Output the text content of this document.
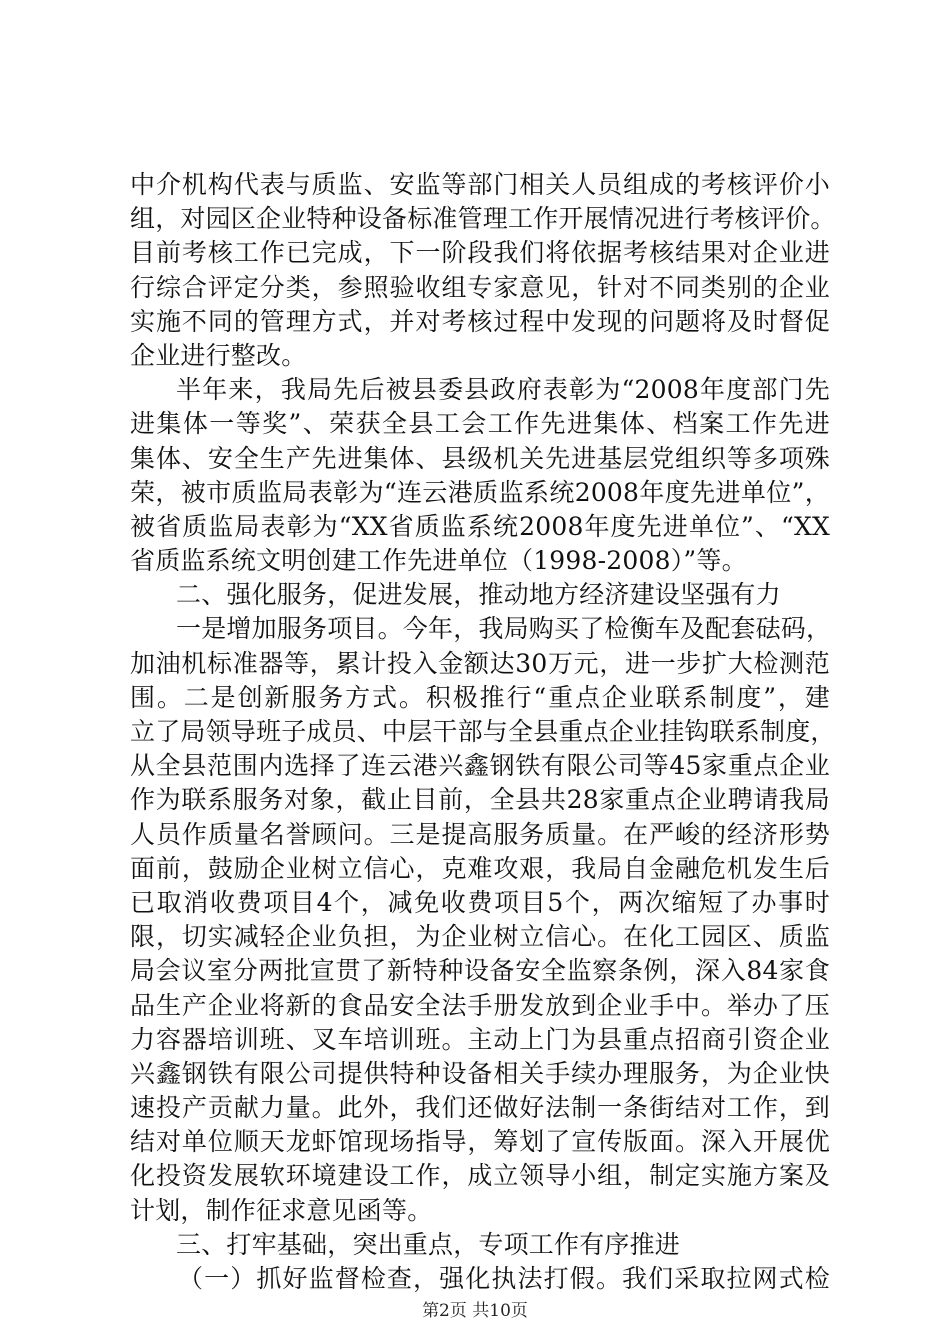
中介机构代表与质监、安监等部门相关人员组成的考核评价小
组，对园区企业特种设备标准管理工作开展情况进行考核评价。
目前考核工作已完成，下一阶段我们将依据考核结果对企业进
行综合评定分类，参照验收组专家意见，针对不同类别的企业
实施不同的管理方式，并对考核过程中发现的问题将及时督促
企业进行整改。
半年来，我局先后被县委县政府表彰为“2008年度部门先
进集体一等奖”、荣获全县工会工作先进集体、档案工作先进
集体、安全生产先进集体、县级机关先进基层党组织等多项殊
荣，被市质监局表彰为“连云港质监系统2008年度先进单位”，
被省质监局表彰为“XX省质监系统2008年度先进单位”、“XX
省质监系统文明创建工作先进单位（1998-2008）”等。
二、强化服务，促进发展，推动地方经济建设坚强有力
一是增加服务项目。今年，我局购买了检衡车及配套砝码，
加油机标准器等，累计投入金额达30万元，进一步扩大检测范
围。二是创新服务方式。积极推行“重点企业联系制度”，建
立了局领导班子成员、中层干部与全县重点企业挂钩联系制度，
从全县范围内选择了连云港兴鑫钢铁有限公司等45家重点企业
作为联系服务对象，截止目前，全县共28家重点企业聘请我局
人员作质量名誉顾问。三是提高服务质量。在严峻的经济形势
面前，鼓励企业树立信心，克难攻艰，我局自金融危机发生后
已取消收费项目4个，减免收费项目5个，两次缩短了办事时
限，切实减轻企业负担，为企业树立信心。在化工园区、质监
局会议室分两批宣贯了新特种设备安全监察条例，深入84家食
品生产企业将新的食品安全法手册发放到企业手中。举办了压
力容器培训班、叉车培训班。主动上门为县重点招商引资企业
兴鑫钢铁有限公司提供特种设备相关手续办理服务，为企业快
速投产贡献力量。此外，我们还做好法制一条街结对工作，到
结对单位顺天龙虾馆现场指导，筹划了宣传版面。深入开展优
化投资发展软环境建设工作，成立领导小组，制定实施方案及
计划，制作征求意见函等。
三、打牢基础，突出重点，专项工作有序推进
（一）抓好监督检查，强化执法打假。我们采取拉网式检
第2页 共10页
